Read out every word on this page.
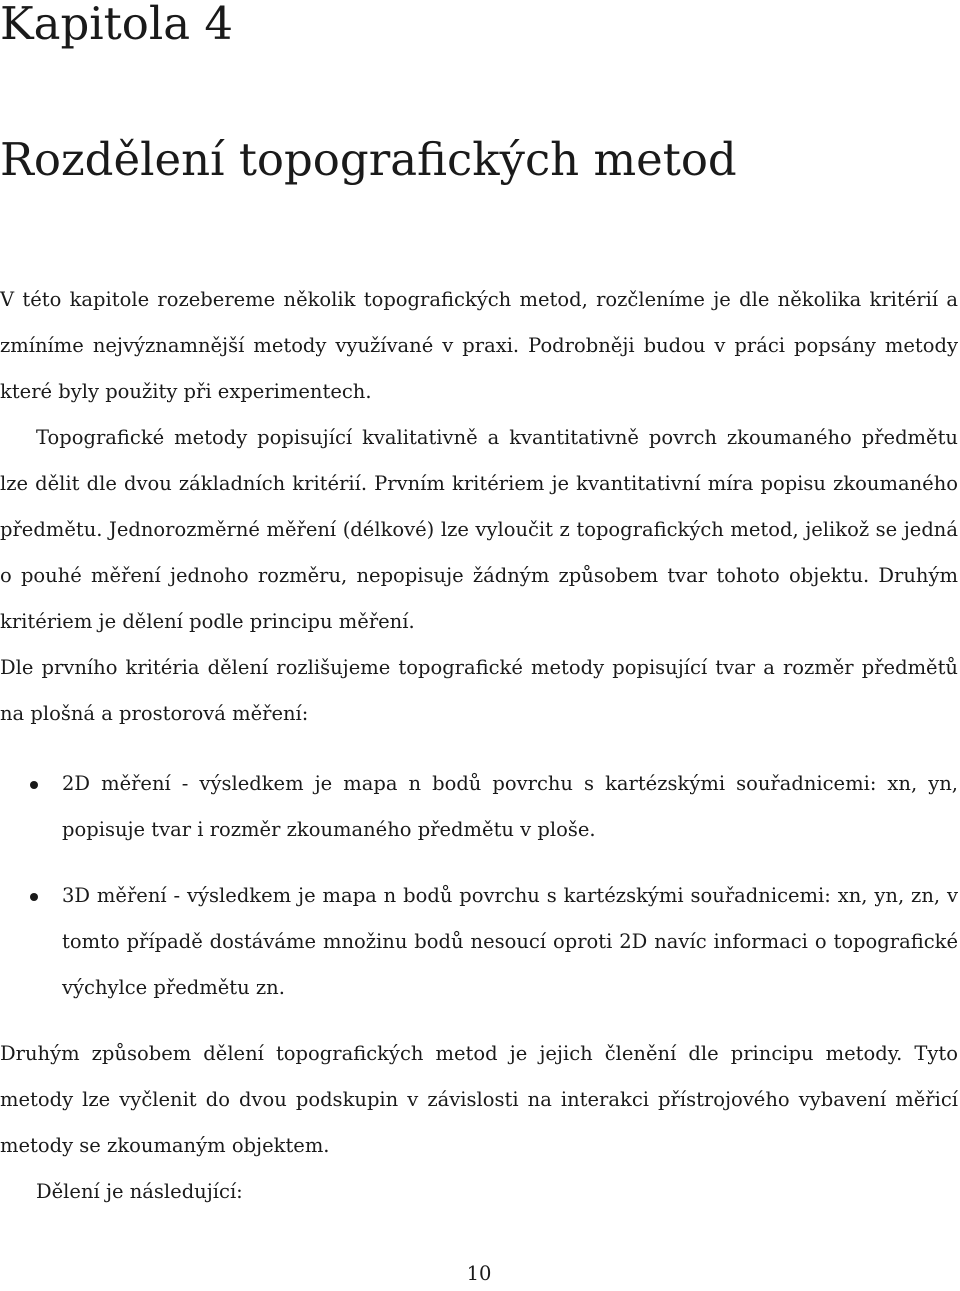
Kapitola 4
Rozdělení topografických metod

V této kapitole rozebereme několik topografických metod, rozčleníme je dle několika kritérií a zmíníme nejvýznamnější metody využívané v praxi. Podrobněji budou v práci popsány metody které byly použity při experimentech.

Topografické metody popisující kvalitativně a kvantitativně povrch zkoumaného předmětu lze dělit dle dvou základních kritérií. Prvním kritériem je kvantitativní míra popisu zkoumaného předmětu. Jednorozměrné měření (délkové) lze vyloučit z topografických metod, jelikož se jedná o pouhé měření jednoho rozměru, nepopisuje žádným způsobem tvar tohoto objektu. Druhým kritériem je dělení podle principu měření.

Dle prvního kritéria dělení rozlišujeme topografické metody popisující tvar a rozměr předmětů na plošná a prostorová měření:

2D měření - výsledkem je mapa n bodů povrchu s kartézskými souřadnicemi: xn, yn, popisuje tvar i rozměr zkoumaného předmětu v ploše.
3D měření - výsledkem je mapa n bodů povrchu s kartézskými souřadnicemi: xn, yn, zn, v tomto případě dostáváme množinu bodů nesoucí oproti 2D navíc informaci o topografické výchylce předmětu zn.

Druhým způsobem dělení topografických metod je jejich členění dle principu metody. Tyto metody lze vyčlenit do dvou podskupin v závislosti na interakci přístrojového vybavení měřicí metody se zkoumaným objektem.

Dělení je následující:

10
